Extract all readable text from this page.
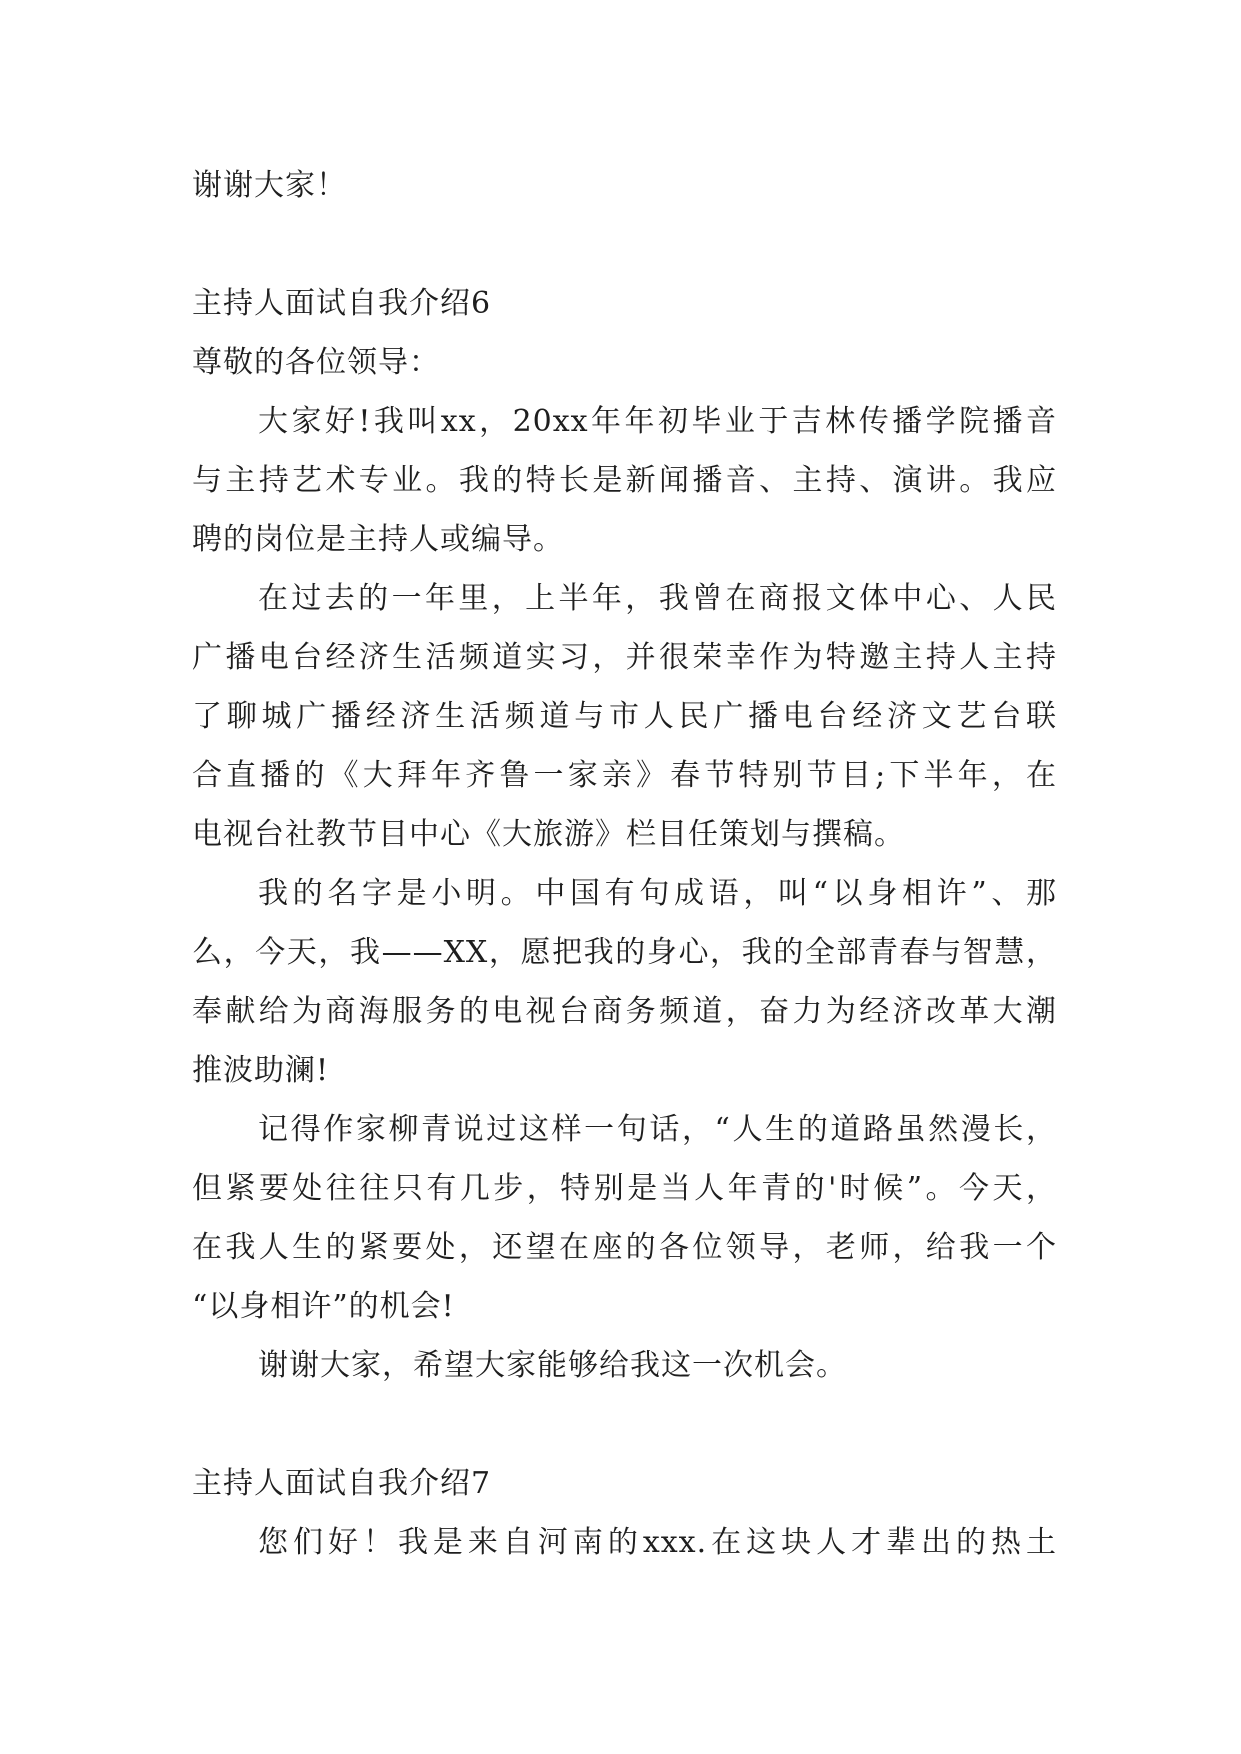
谢谢大家！
主持人面试自我介绍6
尊敬的各位领导：
大家好!我叫xx，20xx年年初毕业于吉林传播学院播音
与主持艺术专业。我的特长是新闻播音、主持、演讲。我应
聘的岗位是主持人或编导。
在过去的一年里，上半年，我曾在商报文体中心、人民
广播电台经济生活频道实习，并很荣幸作为特邀主持人主持
了聊城广播经济生活频道与市人民广播电台经济文艺台联
合直播的《大拜年齐鲁一家亲》春节特别节目;下半年，在
电视台社教节目中心《大旅游》栏目任策划与撰稿。
我的名字是小明。中国有句成语，叫“以身相许”、那
么，今天，我——XX，愿把我的身心，我的全部青春与智慧，
奉献给为商海服务的电视台商务频道，奋力为经济改革大潮
推波助澜!
记得作家柳青说过这样一句话，“人生的道路虽然漫长，
但紧要处往往只有几步，特别是当人年青的'时候”。今天，
在我人生的紧要处，还望在座的各位领导，老师，给我一个
“以身相许”的机会!
谢谢大家，希望大家能够给我这一次机会。
主持人面试自我介绍7
您们好！我是来自河南的xxx.在这块人才辈出的热土
